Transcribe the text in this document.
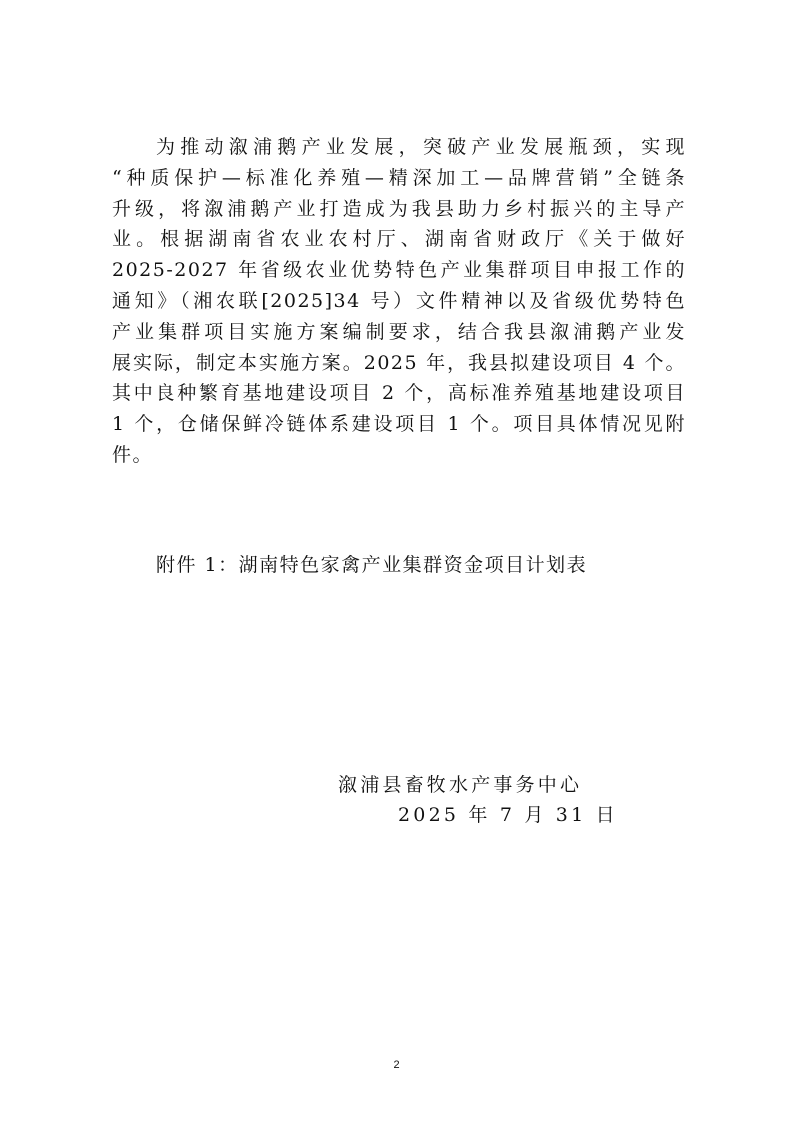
为推动溆浦鹅产业发展，突破产业发展瓶颈，实现
“种质保护—标准化养殖—精深加工—品牌营销”全链条
升级，将溆浦鹅产业打造成为我县助力乡村振兴的主导产
业。根据湖南省农业农村厅、湖南省财政厅《关于做好
2025-2027 年省级农业优势特色产业集群项目申报工作的
通知》（湘农联[2025]34 号）文件精神以及省级优势特色
产业集群项目实施方案编制要求，结合我县溆浦鹅产业发
展实际，制定本实施方案。2025 年，我县拟建设项目 4 个。
其中良种繁育基地建设项目 2 个，高标准养殖基地建设项目
1 个，仓储保鲜冷链体系建设项目 1 个。项目具体情况见附
件。
附件 1：湖南特色家禽产业集群资金项目计划表
溆浦县畜牧水产事务中心
2025 年 7 月 31 日
2
